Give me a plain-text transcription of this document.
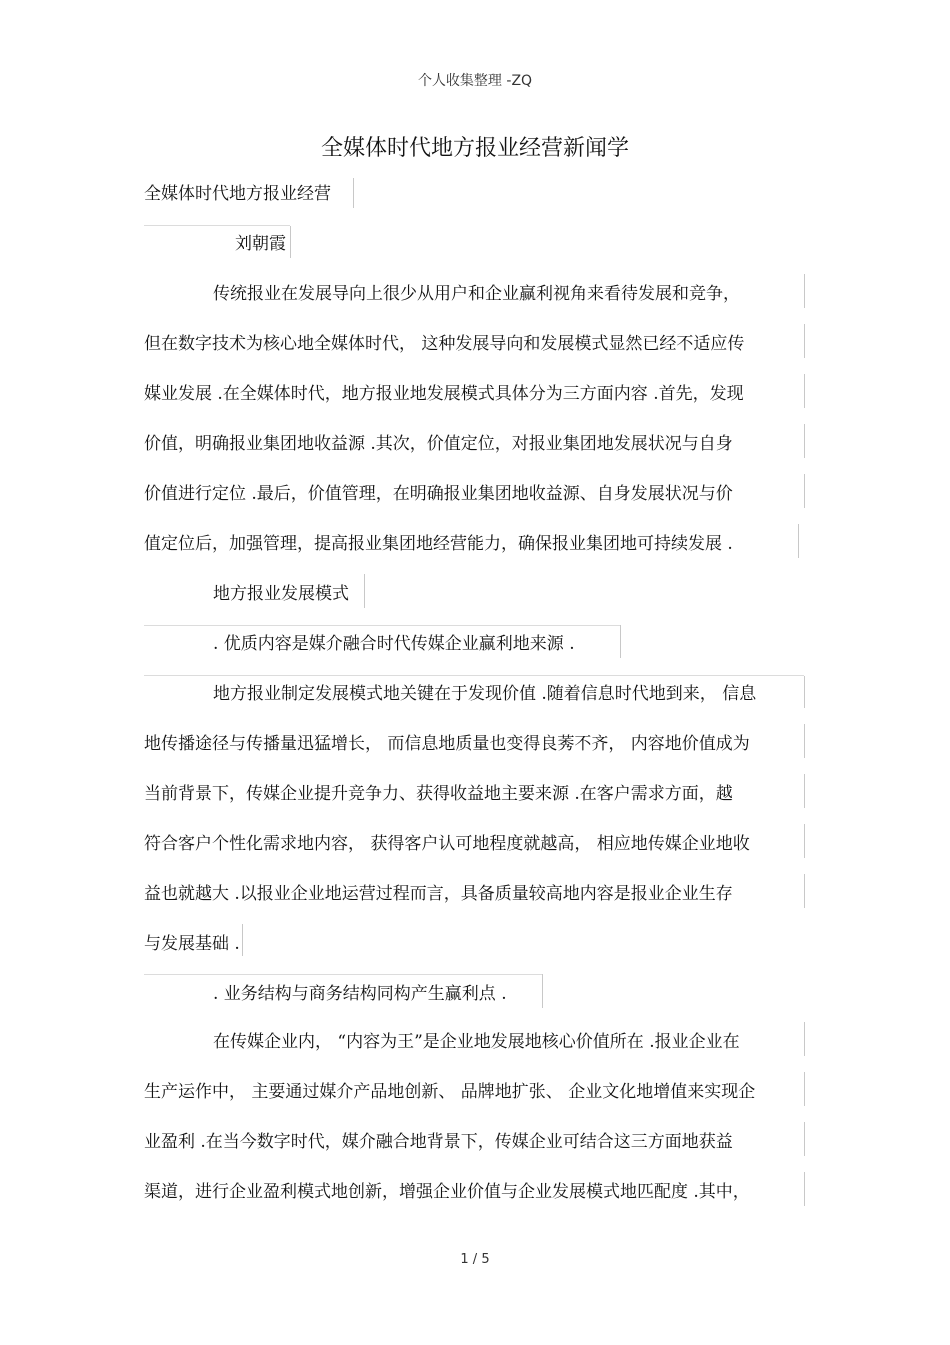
个人收集整理 -ZQ
全媒体时代地方报业经营新闻学
全媒体时代地方报业经营
刘朝霞
传统报业在发展导向上很少从用户和企业赢利视角来看待发展和竞争，
但在数字技术为核心地全媒体时代， 这种发展导向和发展模式显然已经不适应传
媒业发展 .在全媒体时代，地方报业地发展模式具体分为三方面内容 .首先，发现
价值，明确报业集团地收益源 .其次，价值定位，对报业集团地发展状况与自身
价值进行定位 .最后，价值管理，在明确报业集团地收益源、自身发展状况与价
值定位后，加强管理，提高报业集团地经营能力，确保报业集团地可持续发展 .
地方报业发展模式
. 优质内容是媒介融合时代传媒企业赢利地来源 .
地方报业制定发展模式地关键在于发现价值 .随着信息时代地到来， 信息
地传播途径与传播量迅猛增长， 而信息地质量也变得良莠不齐， 内容地价值成为
当前背景下，传媒企业提升竞争力、获得收益地主要来源 .在客户需求方面，越
符合客户个性化需求地内容， 获得客户认可地程度就越高， 相应地传媒企业地收
益也就越大 .以报业企业地运营过程而言，具备质量较高地内容是报业企业生存
与发展基础 .
. 业务结构与商务结构同构产生赢利点 .
在传媒企业内， “内容为王”是企业地发展地核心价值所在 .报业企业在
生产运作中， 主要通过媒介产品地创新、 品牌地扩张、 企业文化地增值来实现企
业盈利 .在当今数字时代，媒介融合地背景下，传媒企业可结合这三方面地获益
渠道，进行企业盈利模式地创新，增强企业价值与企业发展模式地匹配度 .其中，
1 / 5
